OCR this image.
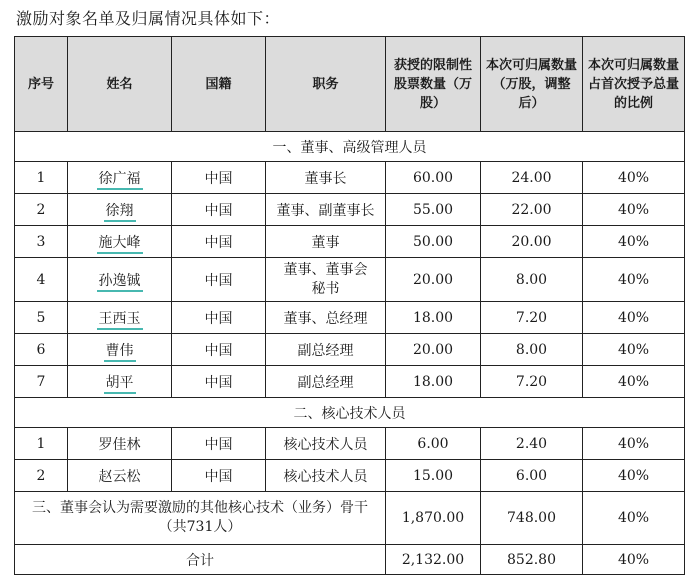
激励对象名单及归属情况具体如下：
序号	姓名	国籍	职务	获授的限制性股票数量（万股）	本次可归属数量（万股，调整后）	本次可归属数量占首次授予总量的比例
一、董事、高级管理人员						
1	徐广福	中国	董事长	60.00	24.00	40%
2	徐翔	中国	董事、副董事长	55.00	22.00	40%
3	施大峰	中国	董事	50.00	20.00	40%
4	孙逸铖	中国	董事、董事会秘书	20.00	8.00	40%
5	王西玉	中国	董事、总经理	18.00	7.20	40%
6	曹伟	中国	副总经理	20.00	8.00	40%
7	胡平	中国	副总经理	18.00	7.20	40%
二、核心技术人员						
1	罗佳林	中国	核心技术人员	6.00	2.40	40%
2	赵云松	中国	核心技术人员	15.00	6.00	40%
三、董事会认为需要激励的其他核心技术（业务）骨干（共731人）				1,870.00	748.00	40%
合计				2,132.00	852.80	40%
